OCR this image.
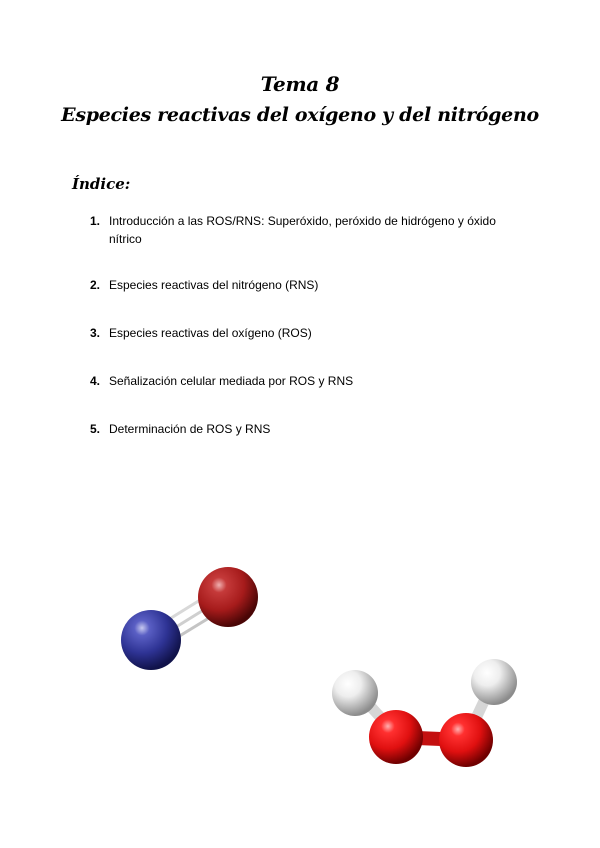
Tema 8
Especies reactivas del oxígeno y del nitrógeno
Índice:
1. Introducción a las ROS/RNS: Superóxido, peróxido de hidrógeno y óxido nítrico
2. Especies reactivas del nitrógeno (RNS)
3. Especies reactivas del oxígeno (ROS)
4. Señalización celular mediada por ROS y RNS
5. Determinación de ROS y RNS
